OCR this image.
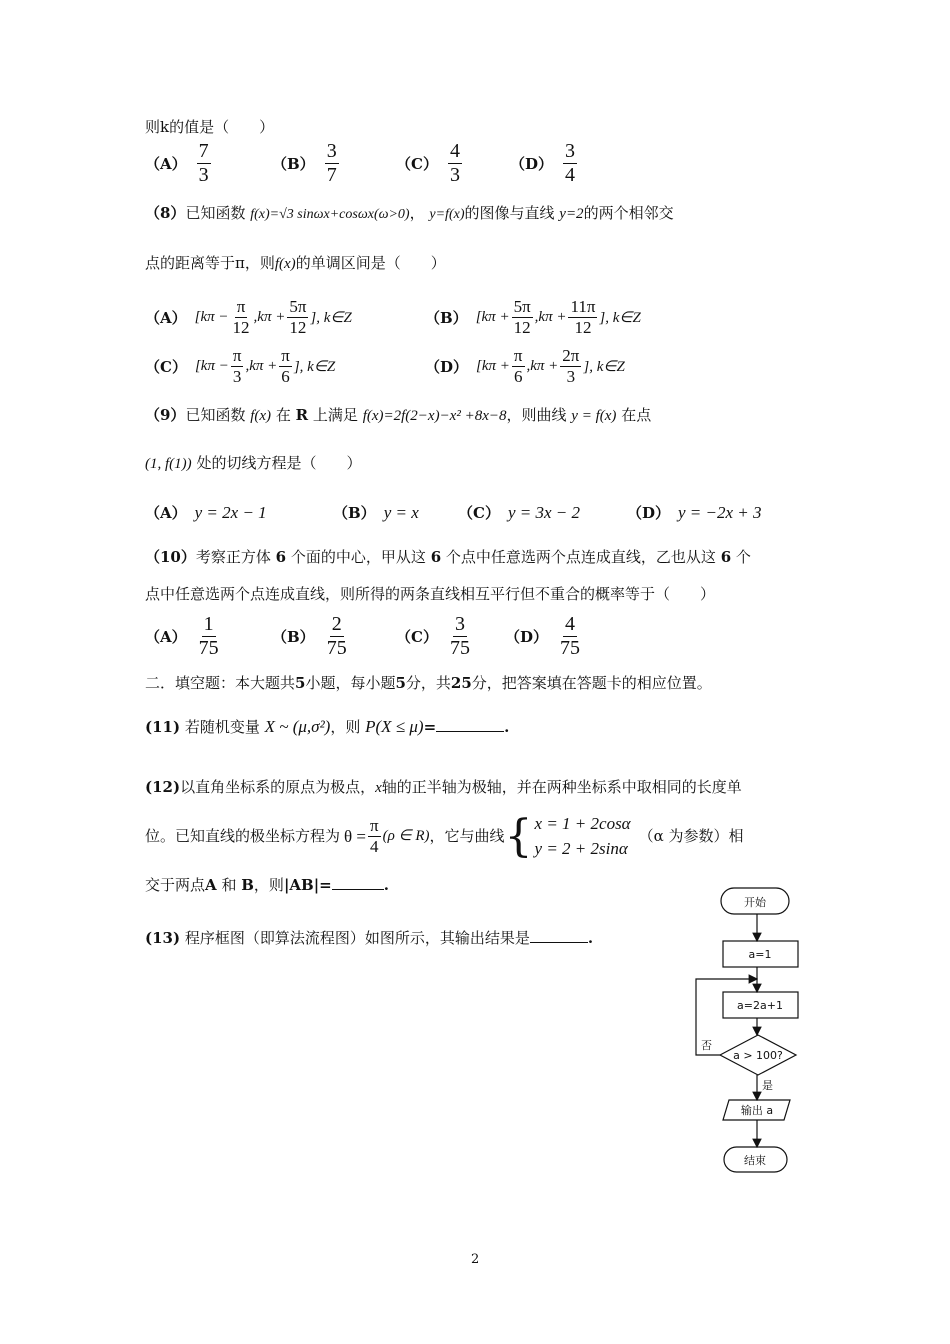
则k的值是（　　）
$(A) \frac{7}{3}$	$(B) \frac{3}{7}$	$(C) \frac{4}{3}$	$(D) \frac{3}{4}$
（8）已知函数 f(x)=√3 sinωx+cosωx(ω>0)， y=f(x)的图像与直线 y=2的两个相邻交
点的距离等于π，则f(x)的单调区间是（　　）
（A） [$k\pi - \frac{\pi}{12} ,k\pi + \frac{5\pi}{12}$ ], k∈Z	（B） [$k\pi + \frac{5\pi}{12} ,k\pi + \frac{11\pi}{12}$ ], k∈Z
（C） [$k\pi - \frac{\pi}{3} ,k\pi + \frac{\pi}{6}$ ], k∈Z	（D） [$k\pi + \frac{\pi}{6} ,k\pi + \frac{2\pi}{3}$ ], k∈Z
（9）已知函数 f(x) 在 R 上满足 f(x)=2f(2−x)−x² +8x−8，则曲线 y = f(x) 在点
(1, f(1)) 处的切线方程是（　　）
（A） y = 2x − 1	（B） y = x	（C） y = 3x − 2	（D） y = −2x + 3
（10）考察正方体 6 个面的中心，甲从这 6 个点中任意选两个点连成直线，乙也从这 6 个
点中任意选两个点连成直线，则所得的两条直线相互平行但不重合的概率等于（　　）
$(A) \frac{1}{75}$	$(B) \frac{2}{75}$	$(C) \frac{3}{75} (D) \frac{4}{75}$
二．填空题：本大题共5小题，每小题5分，共25分，把答案填在答题卡的相应位置。
(11) 若随机变量 X ~ (μ,σ²)，则 P(X ≤ μ)=	.
(12)以直角坐标系的原点为极点，x轴的正半轴为极轴，并在两种坐标系中取相同的长度单
位。已知直线的极坐标方程为 $\theta = \frac{\pi}{4} (\rho$ ∈ R) ，它与曲线 { x = 1 + 2cosα
y = 2 + 2sinα
（α 为参数）相
交于两点A 和 B，则|AB|=	.
(13) 程序框图（即算法流程图）如图所示，其输出结果是	.
开始
a=1
a=2a+1
a > 100?
否
是
输出 a
结束
2
